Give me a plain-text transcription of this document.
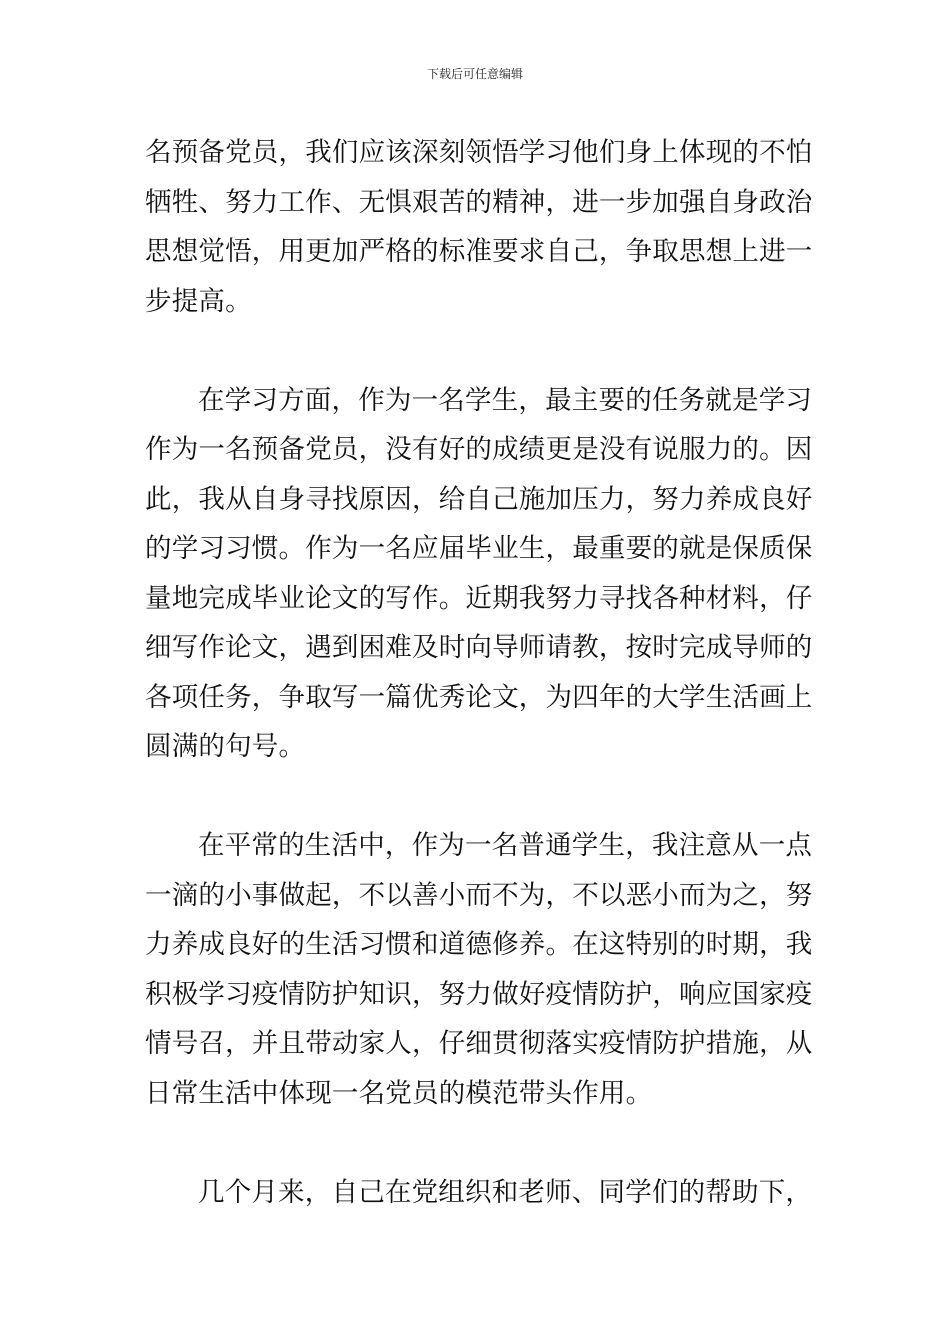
下载后可任意编辑
名预备党员，我们应该深刻领悟学习他们身上体现的不怕
牺牲、努力工作、无惧艰苦的精神，进一步加强自身政治
思想觉悟，用更加严格的标准要求自己，争取思想上进一
步提高。
在学习方面，作为一名学生，最主要的任务就是学习
作为一名预备党员，没有好的成绩更是没有说服力的。因
此，我从自身寻找原因，给自己施加压力，努力养成良好
的学习习惯。作为一名应届毕业生，最重要的就是保质保
量地完成毕业论文的写作。近期我努力寻找各种材料，仔
细写作论文，遇到困难及时向导师请教，按时完成导师的
各项任务，争取写一篇优秀论文，为四年的大学生活画上
圆满的句号。
在平常的生活中，作为一名普通学生，我注意从一点
一滴的小事做起，不以善小而不为，不以恶小而为之，努
力养成良好的生活习惯和道德修养。在这特别的时期，我
积极学习疫情防护知识，努力做好疫情防护，响应国家疫
情号召，并且带动家人，仔细贯彻落实疫情防护措施，从
日常生活中体现一名党员的模范带头作用。
几个月来，自己在党组织和老师、同学们的帮助下，
